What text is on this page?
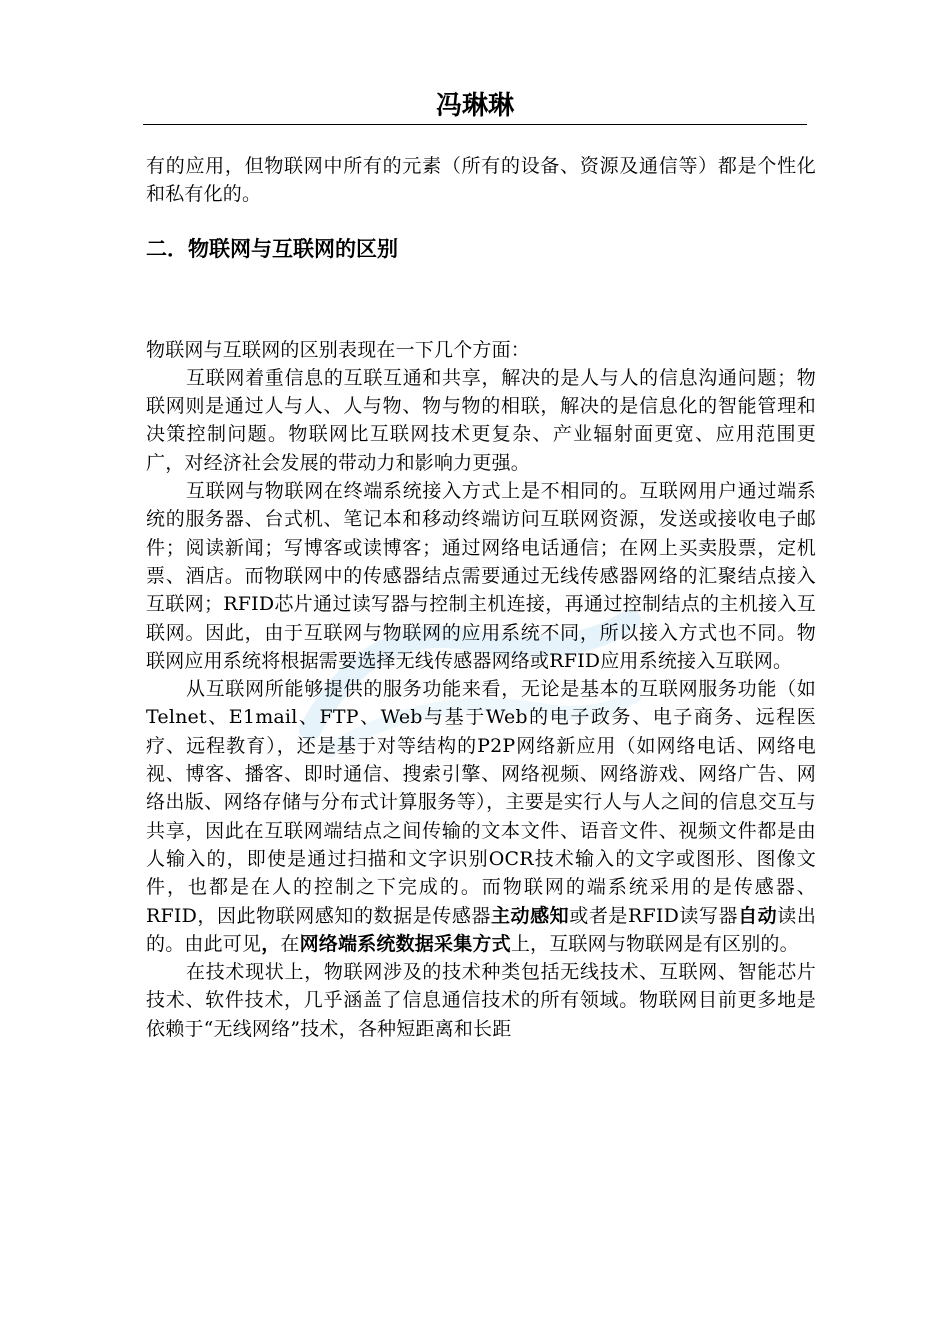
冯琳琳

有的应用，但物联网中所有的元素（所有的设备、资源及通信等）都是个性化和私有化的。

二．物联网与互联网的区别

物联网与互联网的区别表现在一下几个方面：

互联网着重信息的互联互通和共享，解决的是人与人的信息沟通问题；物联网则是通过人与人、人与物、物与物的相联，解决的是信息化的智能管理和决策控制问题。物联网比互联网技术更复杂、产业辐射面更宽、应用范围更广，对经济社会发展的带动力和影响力更强。

互联网与物联网在终端系统接入方式上是不相同的。互联网用户通过端系统的服务器、台式机、笔记本和移动终端访问互联网资源，发送或接收电子邮件；阅读新闻；写博客或读博客；通过网络电话通信；在网上买卖股票，定机票、酒店。而物联网中的传感器结点需要通过无线传感器网络的汇聚结点接入互联网；RFID芯片通过读写器与控制主机连接，再通过控制结点的主机接入互联网。因此，由于互联网与物联网的应用系统不同，所以接入方式也不同。物联网应用系统将根据需要选择无线传感器网络或RFID应用系统接入互联网。

从互联网所能够提供的服务功能来看，无论是基本的互联网服务功能（如Telnet、E1mail、FTP、Web与基于Web的电子政务、电子商务、远程医疗、远程教育），还是基于对等结构的P2P网络新应用（如网络电话、网络电视、博客、播客、即时通信、搜索引擎、网络视频、网络游戏、网络广告、网络出版、网络存储与分布式计算服务等），主要是实行人与人之间的信息交互与共享，因此在互联网端结点之间传输的文本文件、语音文件、视频文件都是由人输入的，即使是通过扫描和文字识别OCR技术输入的文字或图形、图像文件，也都是在人的控制之下完成的。而物联网的端系统采用的是传感器、RFID，因此物联网感知的数据是传感器主动感知或者是RFID读写器自动读出的。由此可见，在网络端系统数据采集方式上，互联网与物联网是有区别的。

在技术现状上，物联网涉及的技术种类包括无线技术、互联网、智能芯片技术、软件技术，几乎涵盖了信息通信技术的所有领域。物联网目前更多地是依赖于“无线网络”技术，各种短距离和长距
